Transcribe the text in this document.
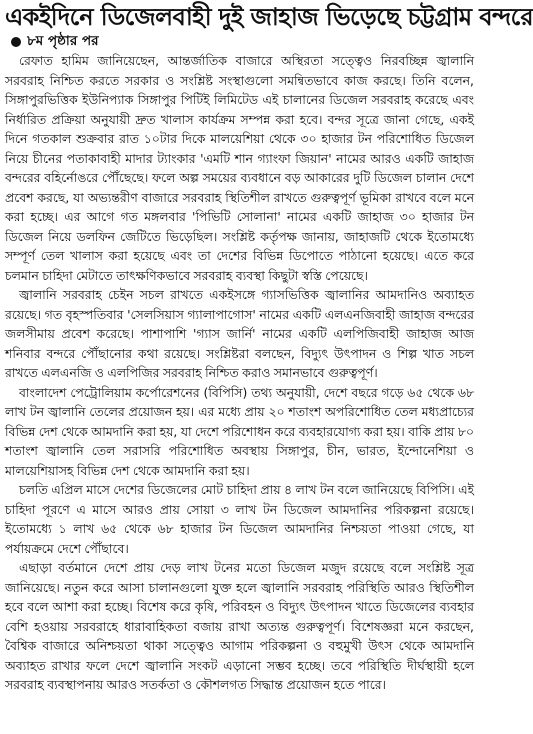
একইদিনে ডিজেলবাহী দুই জাহাজ ভিড়েছে চট্টগ্রাম বন্দরে
৮ম পৃষ্ঠার পর

রেফাত হামিম জানিয়েছেন, আন্তর্জাতিক বাজারে অস্থিরতা সত্ত্বেও নিরবচ্ছিন্ন জ্বালানি সরবরাহ নিশ্চিত করতে সরকার ও সংশ্লিষ্ট সংস্থাগুলো সমন্বিতভাবে কাজ করছে। তিনি বলেন, সিঙ্গাপুরভিত্তিক ইউনিপ্যাক সিঙ্গাপুর পিটিই লিমিটেড এই চালানের ডিজেল সরবরাহ করেছে এবং নির্ধারিত প্রক্রিয়া অনুযায়ী দ্রুত খালাস কার্যক্রম সম্পন্ন করা হবে। বন্দর সূত্রে জানা গেছে, একই দিনে গতকাল শুক্রবার রাত ১০টার দিকে মালয়েশিয়া থেকে ৩০ হাজার টন পরিশোধিত ডিজেল নিয়ে চীনের পতাকাবাহী মাদার ট্যাংকার 'এমটি শান গ্যাংফা জিয়ান' নামের আরও একটি জাহাজ বন্দরের বহির্নোঙরে পৌঁছেছে। ফলে অল্প সময়ের ব্যবধানে বড় আকারের দুটি ডিজেল চালান দেশে প্রবেশ করছে, যা অভ্যন্তরীণ বাজারে সরবরাহ স্থিতিশীল রাখতে গুরুত্বপূর্ণ ভূমিকা রাখবে বলে মনে করা হচ্ছে। এর আগে গত মঙ্গলবার 'পিভিটি সোলানা' নামের একটি জাহাজ ৩০ হাজার টন ডিজেল নিয়ে ডলফিন জেটিতে ভিড়েছিল। সংশ্লিষ্ট কর্তৃপক্ষ জানায়, জাহাজটি থেকে ইতোমধ্যে সম্পূর্ণ তেল খালাস করা হয়েছে এবং তা দেশের বিভিন্ন ডিপোতে পাঠানো হয়েছে। এতে করে চলমান চাহিদা মেটাতে তাৎক্ষণিকভাবে সরবরাহ ব্যবস্থা কিছুটা স্বস্তি পেয়েছে।

জ্বালানি সরবরাহ চেইন সচল রাখতে একইসঙ্গে গ্যাসভিত্তিক জ্বালানির আমদানিও অব্যাহত রয়েছে। গত বৃহস্পতিবার 'সেলসিয়াস গ্যালাপাগোস' নামের একটি এলএনজিবাহী জাহাজ বন্দরের জলসীমায় প্রবেশ করেছে। পাশাপাশি 'গ্যাস জার্নি' নামের একটি এলপিজিবাহী জাহাজ আজ শনিবার বন্দরে পৌঁছানোর কথা রয়েছে। সংশ্লিষ্টরা বলছেন, বিদ্যুৎ উৎপাদন ও শিল্প খাত সচল রাখতে এলএনজি ও এলপিজির সরবরাহ নিশ্চিত করাও সমানভাবে গুরুত্বপূর্ণ।

বাংলাদেশ পেট্রোলিয়াম কর্পোরেশনের (বিপিসি) তথ্য অনুযায়ী, দেশে বছরে গড়ে ৬৫ থেকে ৬৮ লাখ টন জ্বালানি তেলের প্রয়োজন হয়। এর মধ্যে প্রায় ২০ শতাংশ অপরিশোধিত তেল মধ্যপ্রাচ্যের বিভিন্ন দেশ থেকে আমদানি করা হয়, যা দেশে পরিশোধন করে ব্যবহারযোগ্য করা হয়। বাকি প্রায় ৮০ শতাংশ জ্বালানি তেল সরাসরি পরিশোধিত অবস্থায় সিঙ্গাপুর, চীন, ভারত, ইন্দোনেশিয়া ও মালয়েশিয়াসহ বিভিন্ন দেশ থেকে আমদানি করা হয়।

চলতি এপ্রিল মাসে দেশের ডিজেলের মোট চাহিদা প্রায় ৪ লাখ টন বলে জানিয়েছে বিপিসি। এই চাহিদা পূরণে এ মাসে আরও প্রায় সোয়া ৩ লাখ টন ডিজেল আমদানির পরিকল্পনা রয়েছে। ইতোমধ্যে ১ লাখ ৬৫ থেকে ৬৮ হাজার টন ডিজেল আমদানির নিশ্চয়তা পাওয়া গেছে, যা পর্যায়ক্রমে দেশে পৌঁছাবে।

এছাড়া বর্তমানে দেশে প্রায় দেড় লাখ টনের মতো ডিজেল মজুদ রয়েছে বলে সংশ্লিষ্ট সূত্র জানিয়েছে। নতুন করে আসা চালানগুলো যুক্ত হলে জ্বালানি সরবরাহ পরিস্থিতি আরও স্থিতিশীল হবে বলে আশা করা হচ্ছে। বিশেষ করে কৃষি, পরিবহন ও বিদ্যুৎ উৎপাদন খাতে ডিজেলের ব্যবহার বেশি হওয়ায় সরবরাহে ধারাবাহিকতা বজায় রাখা অত্যন্ত গুরুত্বপূর্ণ। বিশেষজ্ঞরা মনে করছেন, বৈশ্বিক বাজারে অনিশ্চয়তা থাকা সত্ত্বেও আগাম পরিকল্পনা ও বহুমুখী উৎস থেকে আমদানি অব্যাহত রাখার ফলে দেশে জ্বালানি সংকট এড়ানো সম্ভব হচ্ছে। তবে পরিস্থিতি দীর্ঘস্থায়ী হলে সরবরাহ ব্যবস্থাপনায় আরও সতর্কতা ও কৌশলগত সিদ্ধান্ত প্রয়োজন হতে পারে।
